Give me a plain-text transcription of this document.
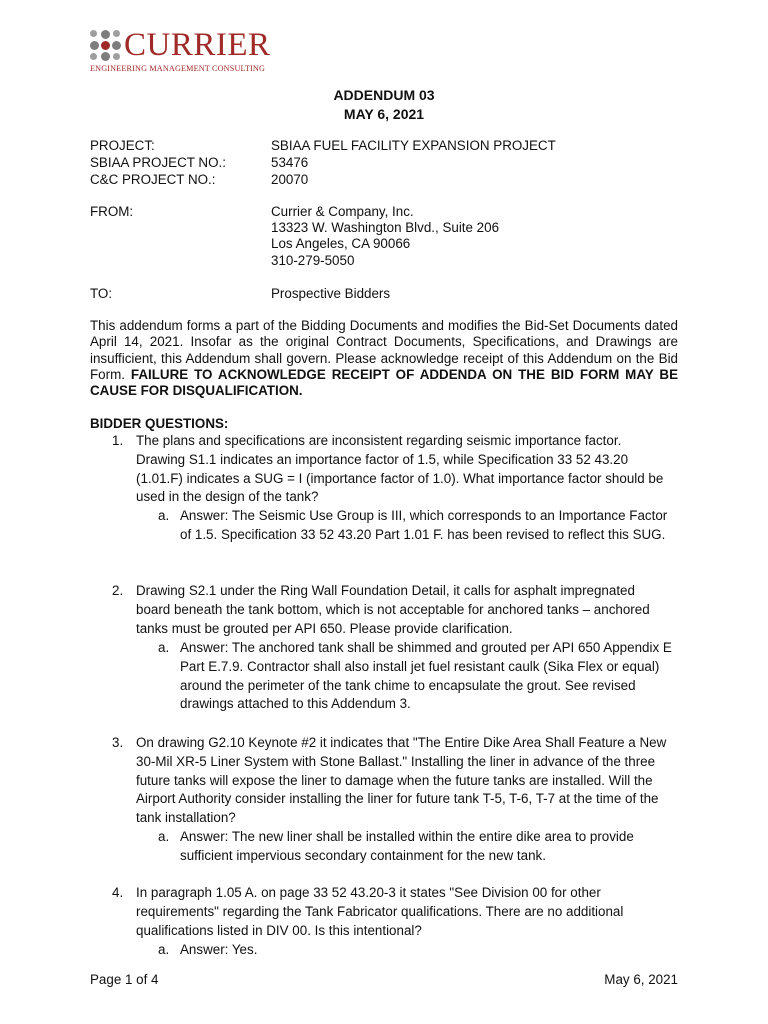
CURRIER
ENGINEERING MANAGEMENT CONSULTING
ADDENDUM 03
MAY 6, 2021
PROJECT:	SBIAA FUEL FACILITY EXPANSION PROJECT
SBIAA PROJECT NO.:	53476
C&C PROJECT NO.:	20070
FROM:	Currier & Company, Inc.
13323 W. Washington Blvd., Suite 206
Los Angeles, CA 90066
310-279-5050
TO:	Prospective Bidders
This addendum forms a part of the Bidding Documents and modifies the Bid-Set Documents dated April 14, 2021. Insofar as the original Contract Documents, Specifications, and Drawings are insufficient, this Addendum shall govern. Please acknowledge receipt of this Addendum on the Bid Form. FAILURE TO ACKNOWLEDGE RECEIPT OF ADDENDA ON THE BID FORM MAY BE CAUSE FOR DISQUALIFICATION.
BIDDER QUESTIONS:
1. The plans and specifications are inconsistent regarding seismic importance factor. Drawing S1.1 indicates an importance factor of 1.5, while Specification 33 52 43.20 (1.01.F) indicates a SUG = I (importance factor of 1.0). What importance factor should be used in the design of the tank?
a. Answer: The Seismic Use Group is III, which corresponds to an Importance Factor of 1.5. Specification 33 52 43.20 Part 1.01 F. has been revised to reflect this SUG.
2. Drawing S2.1 under the Ring Wall Foundation Detail, it calls for asphalt impregnated board beneath the tank bottom, which is not acceptable for anchored tanks – anchored tanks must be grouted per API 650. Please provide clarification.
a. Answer: The anchored tank shall be shimmed and grouted per API 650 Appendix E Part E.7.9. Contractor shall also install jet fuel resistant caulk (Sika Flex or equal) around the perimeter of the tank chime to encapsulate the grout. See revised drawings attached to this Addendum 3.
3. On drawing G2.10 Keynote #2 it indicates that "The Entire Dike Area Shall Feature a New 30-Mil XR-5 Liner System with Stone Ballast." Installing the liner in advance of the three future tanks will expose the liner to damage when the future tanks are installed. Will the Airport Authority consider installing the liner for future tank T-5, T-6, T-7 at the time of the tank installation?
a. Answer: The new liner shall be installed within the entire dike area to provide sufficient impervious secondary containment for the new tank.
4. In paragraph 1.05 A. on page 33 52 43.20-3 it states "See Division 00 for other requirements" regarding the Tank Fabricator qualifications. There are no additional qualifications listed in DIV 00. Is this intentional?
a. Answer: Yes.
Page 1 of 4	May 6, 2021
